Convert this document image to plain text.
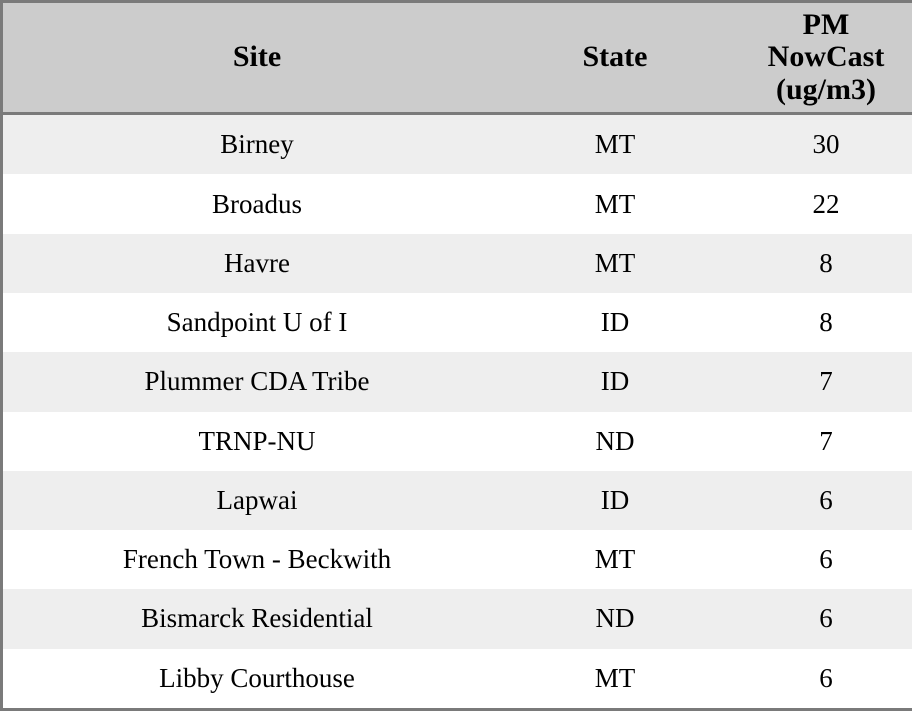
Site	State	PM
NowCast
(ug/m3)

Birney	MT	30
Broadus	MT	22
Havre	MT	8
Sandpoint U of I	ID	8
Plummer CDA Tribe	ID	7
TRNP-NU	ND	7
Lapwai	ID	6
French Town - Beckwith	MT	6
Bismarck Residential	ND	6
Libby Courthouse	MT	6
